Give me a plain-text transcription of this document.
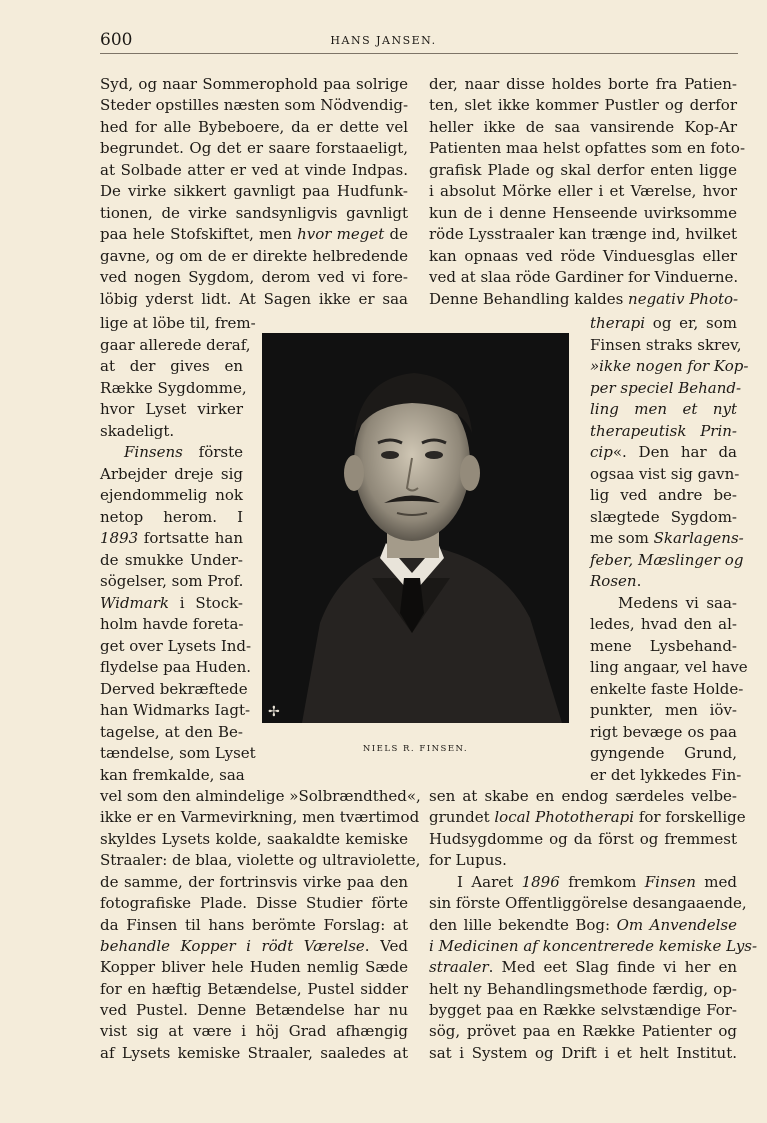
600	HANS JANSEN.
Syd, og naar Sommerophold paa solrige
Steder opstilles næsten som Nödvendig-
hed for alle Bybeboere, da er dette vel
begrundet. Og det er saare forstaaeligt,
at Solbade atter er ved at vinde Indpas.
De virke sikkert gavnligt paa Hudfunk-
tionen, de virke sandsynligvis gavnligt
paa hele Stofskiftet, men hvor meget de
gavne, og om de er direkte helbredende
ved nogen Sygdom, derom ved vi fore-
löbig yderst lidt. At Sagen ikke er saa
lige at löbe til, frem-
gaar allerede deraf,
at der gives en
Række Sygdomme,
hvor Lyset virker
skadeligt.
Finsens förste
Arbejder dreje sig
ejendommelig nok
netop herom. I
1893 fortsatte han
de smukke Under-
sögelser, som Prof.
Widmark i Stock-
holm havde foreta-
get over Lysets Ind-
flydelse paa Huden.
Derved bekræftede
han Widmarks Iagt-
tagelse, at den Be-
tændelse, som Lyset
kan fremkalde, saa
vel som den almindelige »Solbrændthed«,
ikke er en Varmevirkning, men tværtimod
skyldes Lysets kolde, saakaldte kemiske
Straaler: de blaa, violette og ultraviolette,
de samme, der fortrinsvis virke paa den
fotografiske Plade. Disse Studier förte
da Finsen til hans berömte Forslag: at
behandle Kopper i rödt Værelse. Ved
Kopper bliver hele Huden nemlig Sæde
for en hæftig Betændelse, Pustel sidder
ved Pustel. Denne Betændelse har nu
vist sig at være i höj Grad afhængig
af Lysets kemiske Straaler, saaledes at
der, naar disse holdes borte fra Patien-
ten, slet ikke kommer Pustler og derfor
heller ikke de saa vansirende Kop-Ar
Patienten maa helst opfattes som en foto-
grafisk Plade og skal derfor enten ligge
i absolut Mörke eller i et Værelse, hvor
kun de i denne Henseende uvirksomme
röde Lysstraaler kan trænge ind, hvilket
kan opnaas ved röde Vinduesglas eller
ved at slaa röde Gardiner for Vinduerne.
Denne Behandling kaldes negativ Photo-
therapi og er, som
Finsen straks skrev,
»ikke nogen for Kop-
per speciel Behand-
ling men et nyt
therapeutisk Prin-
cip«. Den har da
ogsaa vist sig gavn-
lig ved andre be-
slægtede Sygdom-
me som Skarlagens-
feber, Mæslinger og
Rosen.
Medens vi saa-
ledes, hvad den al-
mene Lysbehand-
ling angaar, vel have
enkelte faste Holde-
punkter, men iöv-
rigt bevæge os paa
gyngende Grund,
er det lykkedes Fin-
sen at skabe en endog særdeles velbe-
grundet local Phototherapi for forskellige
Hudsygdomme og da först og fremmest
for Lupus.
I Aaret 1896 fremkom Finsen med
sin förste Offentliggörelse desangaaende,
den lille bekendte Bog: Om Anvendelse
i Medicinen af koncentrerede kemiske Lys-
straaler. Med eet Slag finde vi her en
helt ny Behandlingsmethode færdig, op-
bygget paa en Række selvstændige For-
sög, prövet paa en Række Patienter og
sat i System og Drift i et helt Institut.
✢
NIELS R. FINSEN.
